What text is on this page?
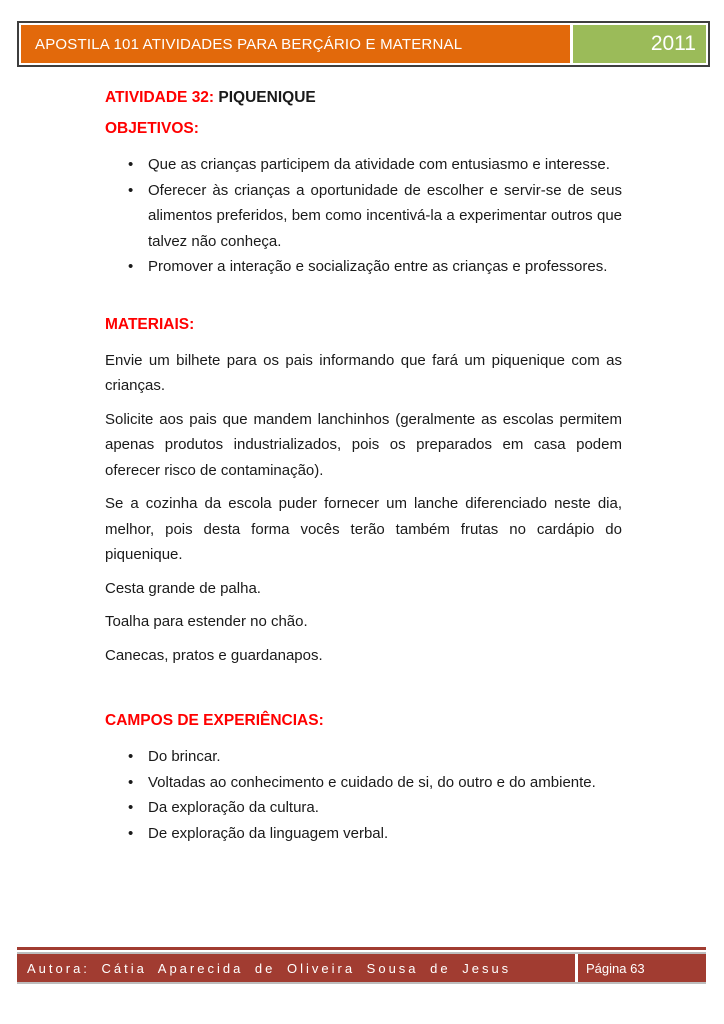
APOSTILA 101 ATIVIDADES PARA BERÇÁRIO E MATERNAL	2011
ATIVIDADE 32: PIQUENIQUE
OBJETIVOS:
• Que as crianças participem da atividade com entusiasmo e interesse.
• Oferecer às crianças a oportunidade de escolher e servir-se de seus alimentos preferidos, bem como incentivá-la a experimentar outros que talvez não conheça.
• Promover a interação e socialização entre as crianças e professores.
MATERIAIS:

Envie um bilhete para os pais informando que fará um piquenique com as crianças.

Solicite aos pais que mandem lanchinhos (geralmente as escolas permitem apenas produtos industrializados, pois os preparados em casa podem oferecer risco de contaminação).

Se a cozinha da escola puder fornecer um lanche diferenciado neste dia, melhor, pois desta forma vocês terão também frutas no cardápio do piquenique.

Cesta grande de palha.

Toalha para estender no chão.

Canecas, pratos e guardanapos.

CAMPOS DE EXPERIÊNCIAS:
• Do brincar.
• Voltadas ao conhecimento e cuidado de si, do outro e do ambiente.
• Da exploração da cultura.
• De exploração da linguagem verbal.
Autora: Cátia Aparecida de Oliveira Sousa de Jesus	Página 63
